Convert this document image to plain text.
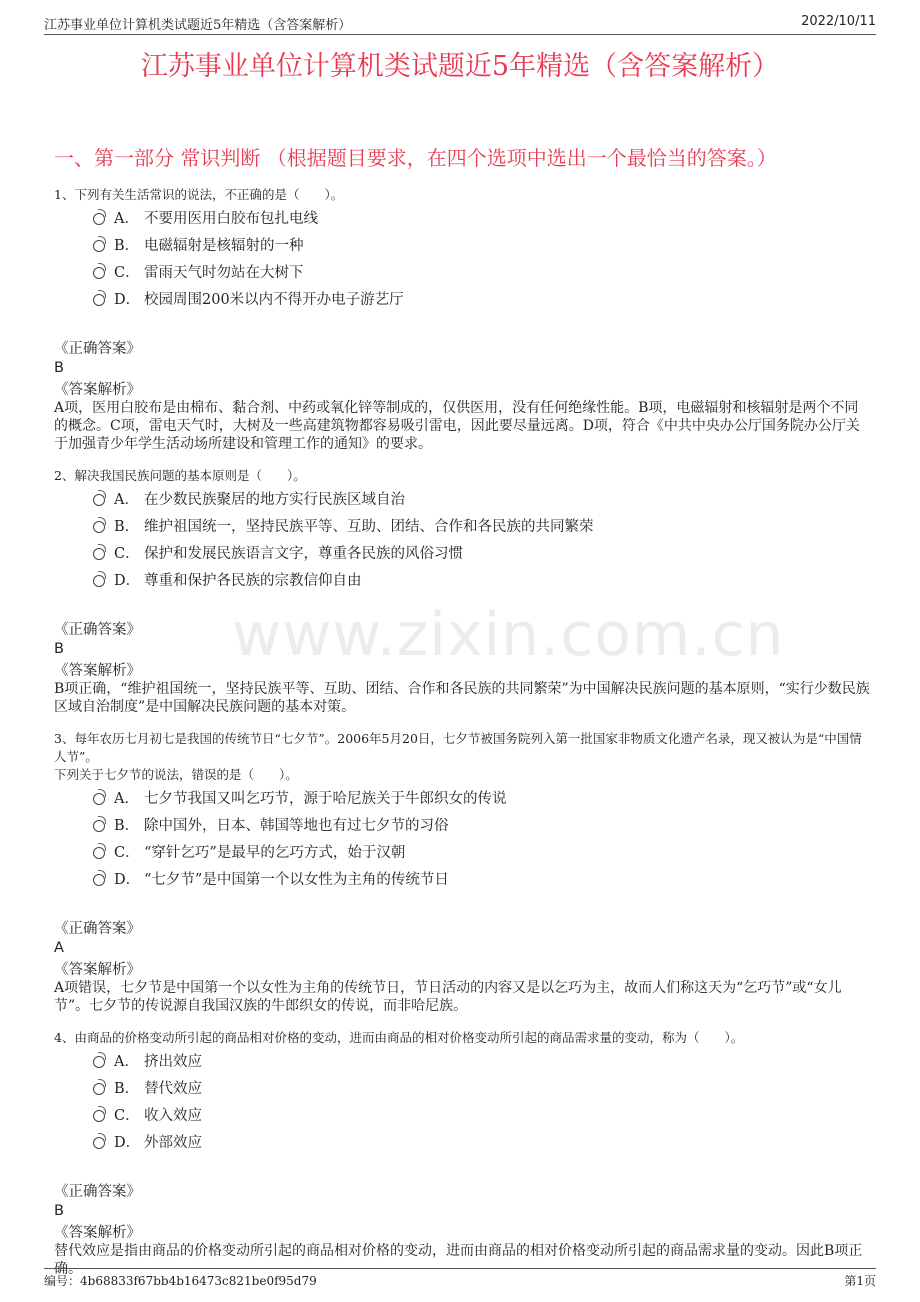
江苏事业单位计算机类试题近5年精选（含答案解析）	2022/10/11
江苏事业单位计算机类试题近5年精选（含答案解析）
一、第一部分 常识判断 （根据题目要求，在四个选项中选出一个最恰当的答案。）
www.zixin.com.cn

1、下列有关生活常识的说法，不正确的是（　　）。

A． 不要用医用白胶布包扎电线
B． 电磁辐射是核辐射的一种
C． 雷雨天气时勿站在大树下
D． 校园周围200米以内不得开办电子游艺厅
《正确答案》
B
《答案解析》

A项，医用白胶布是由棉布、黏合剂、中药或氧化锌等制成的，仅供医用，没有任何绝缘性能。B项，电磁辐射和核辐射是两个不同的概念。C项，雷电天气时，大树及一些高建筑物都容易吸引雷电，因此要尽量远离。D项，符合《中共中央办公厅国务院办公厅关于加强青少年学生活动场所建设和管理工作的通知》的要求。

2、解决我国民族问题的基本原则是（　　）。

A． 在少数民族聚居的地方实行民族区域自治
B． 维护祖国统一，坚持民族平等、互助、团结、合作和各民族的共同繁荣
C． 保护和发展民族语言文字，尊重各民族的风俗习惯
D． 尊重和保护各民族的宗教信仰自由
《正确答案》
B
《答案解析》

B项正确，“维护祖国统一，坚持民族平等、互助、团结、合作和各民族的共同繁荣”为中国解决民族问题的基本原则，“实行少数民族区域自治制度”是中国解决民族问题的基本对策。

3、每年农历七月初七是我国的传统节日“七夕节”。2006年5月20日，七夕节被国务院列入第一批国家非物质文化遗产名录，现又被认为是“中国情人节”。

下列关于七夕节的说法，错误的是（　　）。

A． 七夕节我国又叫乞巧节，源于哈尼族关于牛郎织女的传说
B． 除中国外，日本、韩国等地也有过七夕节的习俗
C． “穿针乞巧”是最早的乞巧方式，始于汉朝
D． “七夕节”是中国第一个以女性为主角的传统节日
《正确答案》
A
《答案解析》

A项错误，七夕节是中国第一个以女性为主角的传统节日，节日活动的内容又是以乞巧为主，故而人们称这天为“乞巧节”或“女儿节”。七夕节的传说源自我国汉族的牛郎织女的传说，而非哈尼族。

4、由商品的价格变动所引起的商品相对价格的变动，进而由商品的相对价格变动所引起的商品需求量的变动，称为（　　）。

A． 挤出效应
B． 替代效应
C． 收入效应
D． 外部效应
《正确答案》
B
《答案解析》

替代效应是指由商品的价格变动所引起的商品相对价格的变动，进而由商品的相对价格变动所引起的商品需求量的变动。因此B项正确。

编号：4b68833f67bb4b16473c821be0f95d79	第1页
